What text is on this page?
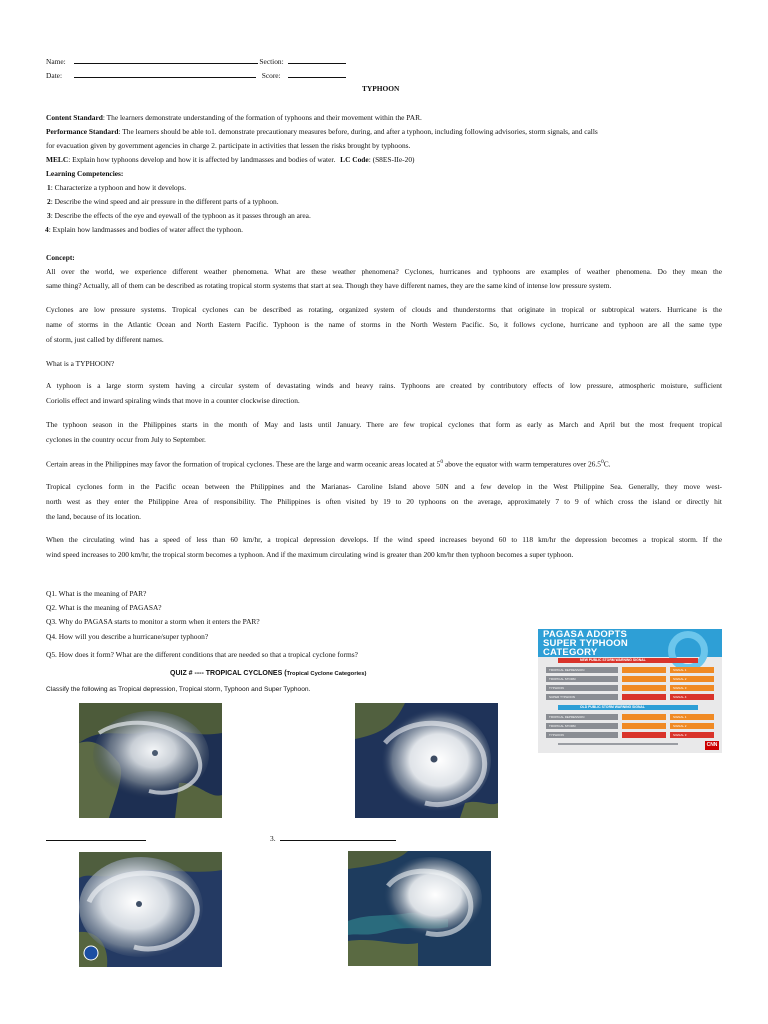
Name:	Section:
Date:	Score:
TYPHOON
Content Standard: The learners demonstrate understanding of the formation of typhoons and their movement within the PAR.
Performance Standard: The learners should be able to1. demonstrate precautionary measures before, during, and after a typhoon, including following advisories, storm signals, and calls
for evacuation given by government agencies in charge 2. participate in activities that lessen the risks brought by typhoons.
MELC: Explain how typhoons develop and how it is affected by landmasses and bodies of water. LC Code: (S8ES-IIe-20)
Learning Competencies:
1: Characterize a typhoon and how it develops.
2: Describe the wind speed and air pressure in the different parts of a typhoon.
3: Describe the effects of the eye and eyewall of the typhoon as it passes through an area.
4: Explain how landmasses and bodies of water affect the typhoon.
Concept:
All over the world, we experience different weather phenomena. What are these weather phenomena? Cyclones, hurricanes and typhoons are examples of weather phenomena. Do they mean the
same thing? Actually, all of them can be described as rotating tropical storm systems that start at sea. Though they have different names, they are the same kind of intense low pressure system.
Cyclones are low pressure systems. Tropical cyclones can be described as rotating, organized system of clouds and thunderstorms that originate in tropical or subtropical waters. Hurricane is the
name of storms in the Atlantic Ocean and North Eastern Pacific. Typhoon is the name of storms in the North Western Pacific. So, it follows cyclone, hurricane and typhoon are all the same type
of storm, just called by different names.
What is a TYPHOON?
A typhoon is a large storm system having a circular system of devastating winds and heavy rains. Typhoons are created by contributory effects of low pressure, atmospheric moisture, sufficient
Coriolis effect and inward spiraling winds that move in a counter clockwise direction.
The typhoon season in the Philippines starts in the month of May and lasts until January. There are few tropical cyclones that form as early as March and April but the most frequent tropical
cyclones in the country occur from July to September.
Certain areas in the Philippines may favor the formation of tropical cyclones. These are the large and warm oceanic areas located at $5^0$ above the equator with warm temperatures over 26.5$^0$C.
Tropical cyclones form in the Pacific ocean between the Philippines and the Marianas- Caroline Island above 50N and a few develop in the West Philippine Sea. Generally, they move west-
north west as they enter the Philippine Area of responsibility. The Philippines is often visited by 19 to 20 typhoons on the average, approximately 7 to 9 of which cross the island or directly hit
the land, because of its location.
When the circulating wind has a speed of less than 60 km/hr, a tropical depression develops. If the wind speed increases beyond 60 to 118 km/hr the depression becomes a tropical storm. If the
wind speed increases to 200 km/hr, the tropical storm becomes a typhoon. And if the maximum circulating wind is greater than 200 km/hr then typhoon becomes a super typhoon.
Q1. What is the meaning of PAR?
Q2. What is the meaning of PAGASA?
Q3. Why do PAGASA starts to monitor a storm when it enters the PAR?
Q4. How will you describe a hurricane/super typhoon?
Q5. How does it form? What are the different conditions that are needed so that a tropical cyclone forms?
QUIZ # ---- TROPICAL CYCLONES (Tropical Cyclone Categories)
Classify the following as Tropical depression, Tropical storm, Typhoon and Super Typhoon.
PAGASA ADOPTS
SUPER TYPHOON
CATEGORY
NEW PUBLIC STORM WARNING SIGNAL
TROPICAL DEPRESSION	SIGNAL 1
TROPICAL STORM	SIGNAL 2
TYPHOON	SIGNAL 3
SUPER TYPHOON	SIGNAL 4
OLD PUBLIC STORM WARNING SIGNAL
TROPICAL DEPRESSION	SIGNAL 1
TROPICAL STORM	SIGNAL 2
TYPHOON	SIGNAL 3
CNN
3.
